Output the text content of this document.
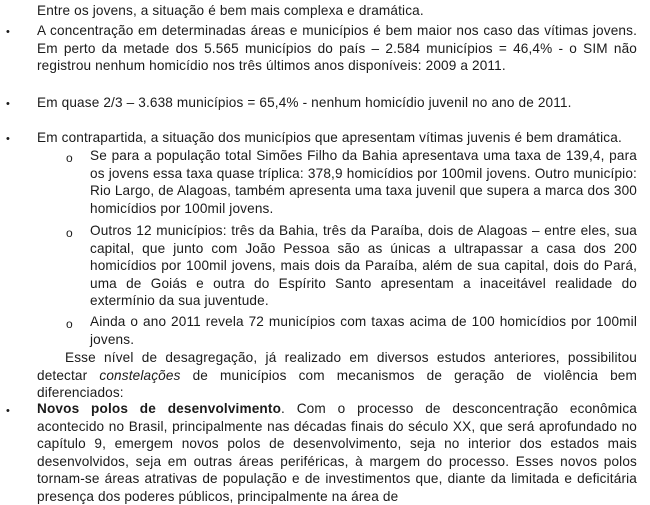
Entre os jovens, a situação é bem mais complexa e dramática.

• A concentração em determinadas áreas e municípios é bem maior nos caso das vítimas jovens. Em perto da metade dos 5.565 municípios do país – 2.584 municípios = 46,4% - o SIM não registrou nenhum homicídio nos três últimos anos disponíveis: 2009 a 2011.

• Em quase 2/3 – 3.638 municípios = 65,4% - nenhum homicídio juvenil no ano de 2011.

• Em contrapartida, a situação dos municípios que apresentam vítimas juvenis é bem dramática.

o Se para a população total Simões Filho da Bahia apresentava uma taxa de 139,4, para os jovens essa taxa quase tríplica: 378,9 homicídios por 100mil jovens. Outro município: Rio Largo, de Alagoas, também apresenta uma taxa juvenil que supera a marca dos 300 homicídios por 100mil jovens.

o Outros 12 municípios: três da Bahia, três da Paraíba, dois de Alagoas – entre eles, sua capital, que junto com João Pessoa são as únicas a ultrapassar a casa dos 200 homicídios por 100mil jovens, mais dois da Paraíba, além de sua capital, dois do Pará, uma de Goiás e outra do Espírito Santo apresentam a inaceitável realidade do extermínio da sua juventude.

o Ainda o ano 2011 revela 72 municípios com taxas acima de 100 homicídios por 100mil jovens.

Esse nível de desagregação, já realizado em diversos estudos anteriores, possibilitou detectar constelações de municípios com mecanismos de geração de violência bem diferenciados:

• Novos polos de desenvolvimento. Com o processo de desconcentração econômica acontecido no Brasil, principalmente nas décadas finais do século XX, que será aprofundado no capítulo 9, emergem novos polos de desenvolvimento, seja no interior dos estados mais desenvolvidos, seja em outras áreas periféricas, à margem do processo. Esses novos polos tornam-se áreas atrativas de população e de investimentos que, diante da limitada e deficitária presença dos poderes públicos, principalmente na área de
